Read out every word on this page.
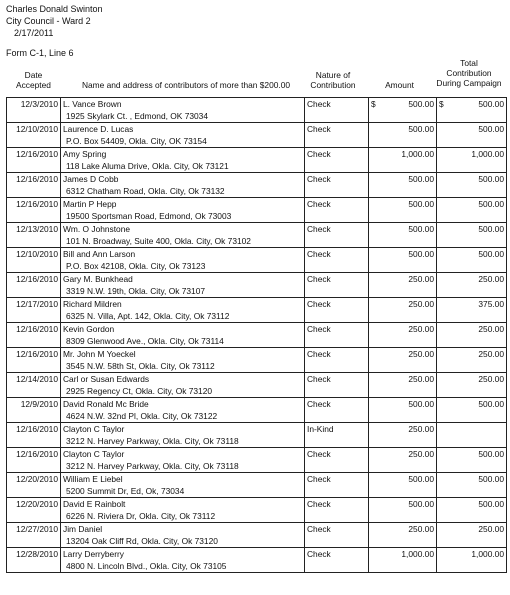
Charles Donald Swinton
City Council - Ward 2
2/17/2011
Form C-1, Line 6
Date
Accepted	Name and address of contributors of more than $200.00
Nature of
Contribution	Amount
Total
Contribution
During Campaign
12/3/2010	L. Vance Brown
1925 Skylark Ct. , Edmond, OK 73034	Check	$ 500.00	$ 500.00
12/10/2010	Laurence D. Lucas
P.O. Box 54409, Okla. City, OK 73154	Check	500.00	500.00
12/16/2010	Amy Spring
118 Lake Aluma Drive, Okla. City, Ok 73121	Check	1,000.00	1,000.00
12/16/2010	James D Cobb
6312 Chatham Road, Okla. City, Ok 73132	Check	500.00	500.00
12/16/2010	Martin P Hepp
19500 Sportsman Road, Edmond, Ok 73003	Check	500.00	500.00
12/13/2010	Wm. O Johnstone
101 N. Broadway, Suite 400, Okla. City, Ok 73102	Check	500.00	500.00
12/10/2010	Bill and Ann Larson
P.O. Box 42108, Okla. City, Ok 73123	Check	500.00	500.00
12/16/2010	Gary M. Bunkhead
3319 N.W. 19th, Okla. City, Ok 73107	Check	250.00	250.00
12/17/2010	Richard Mildren
6325 N. Villa, Apt. 142, Okla. City, Ok 73112	Check	250.00	375.00
12/16/2010	Kevin Gordon
8309 Glenwood Ave., Okla. City, Ok 73114	Check	250.00	250.00
12/16/2010	Mr. John M Yoeckel
3545 N.W. 58th St, Okla. City, Ok 73112	Check	250.00	250.00
12/14/2010	Carl or Susan Edwards
2925 Regency Ct, Okla. City, Ok 73120	Check	250.00	250.00
12/9/2010	David Ronald Mc Bride
4624 N.W. 32nd Pl, Okla. City, Ok 73122	Check	500.00	500.00
12/16/2010	Clayton C Taylor
3212 N. Harvey Parkway, Okla. City, Ok 73118	In-Kind	250.00	
12/16/2010	Clayton C Taylor
3212 N. Harvey Parkway, Okla. City, Ok 73118	Check	250.00	500.00
12/20/2010	William E Liebel
5200 Summit Dr, Ed, Ok, 73034	Check	500.00	500.00
12/20/2010	David E Rainbolt
6226 N. Riviera Dr, Okla. City, Ok 73112	Check	500.00	500.00
12/27/2010	Jim Daniel
13204 Oak Cliff Rd, Okla. City, Ok 73120	Check	250.00	250.00
12/28/2010	Larry Derryberry
4800 N. Lincoln Blvd., Okla. City, Ok 73105	Check	1,000.00	1,000.00
